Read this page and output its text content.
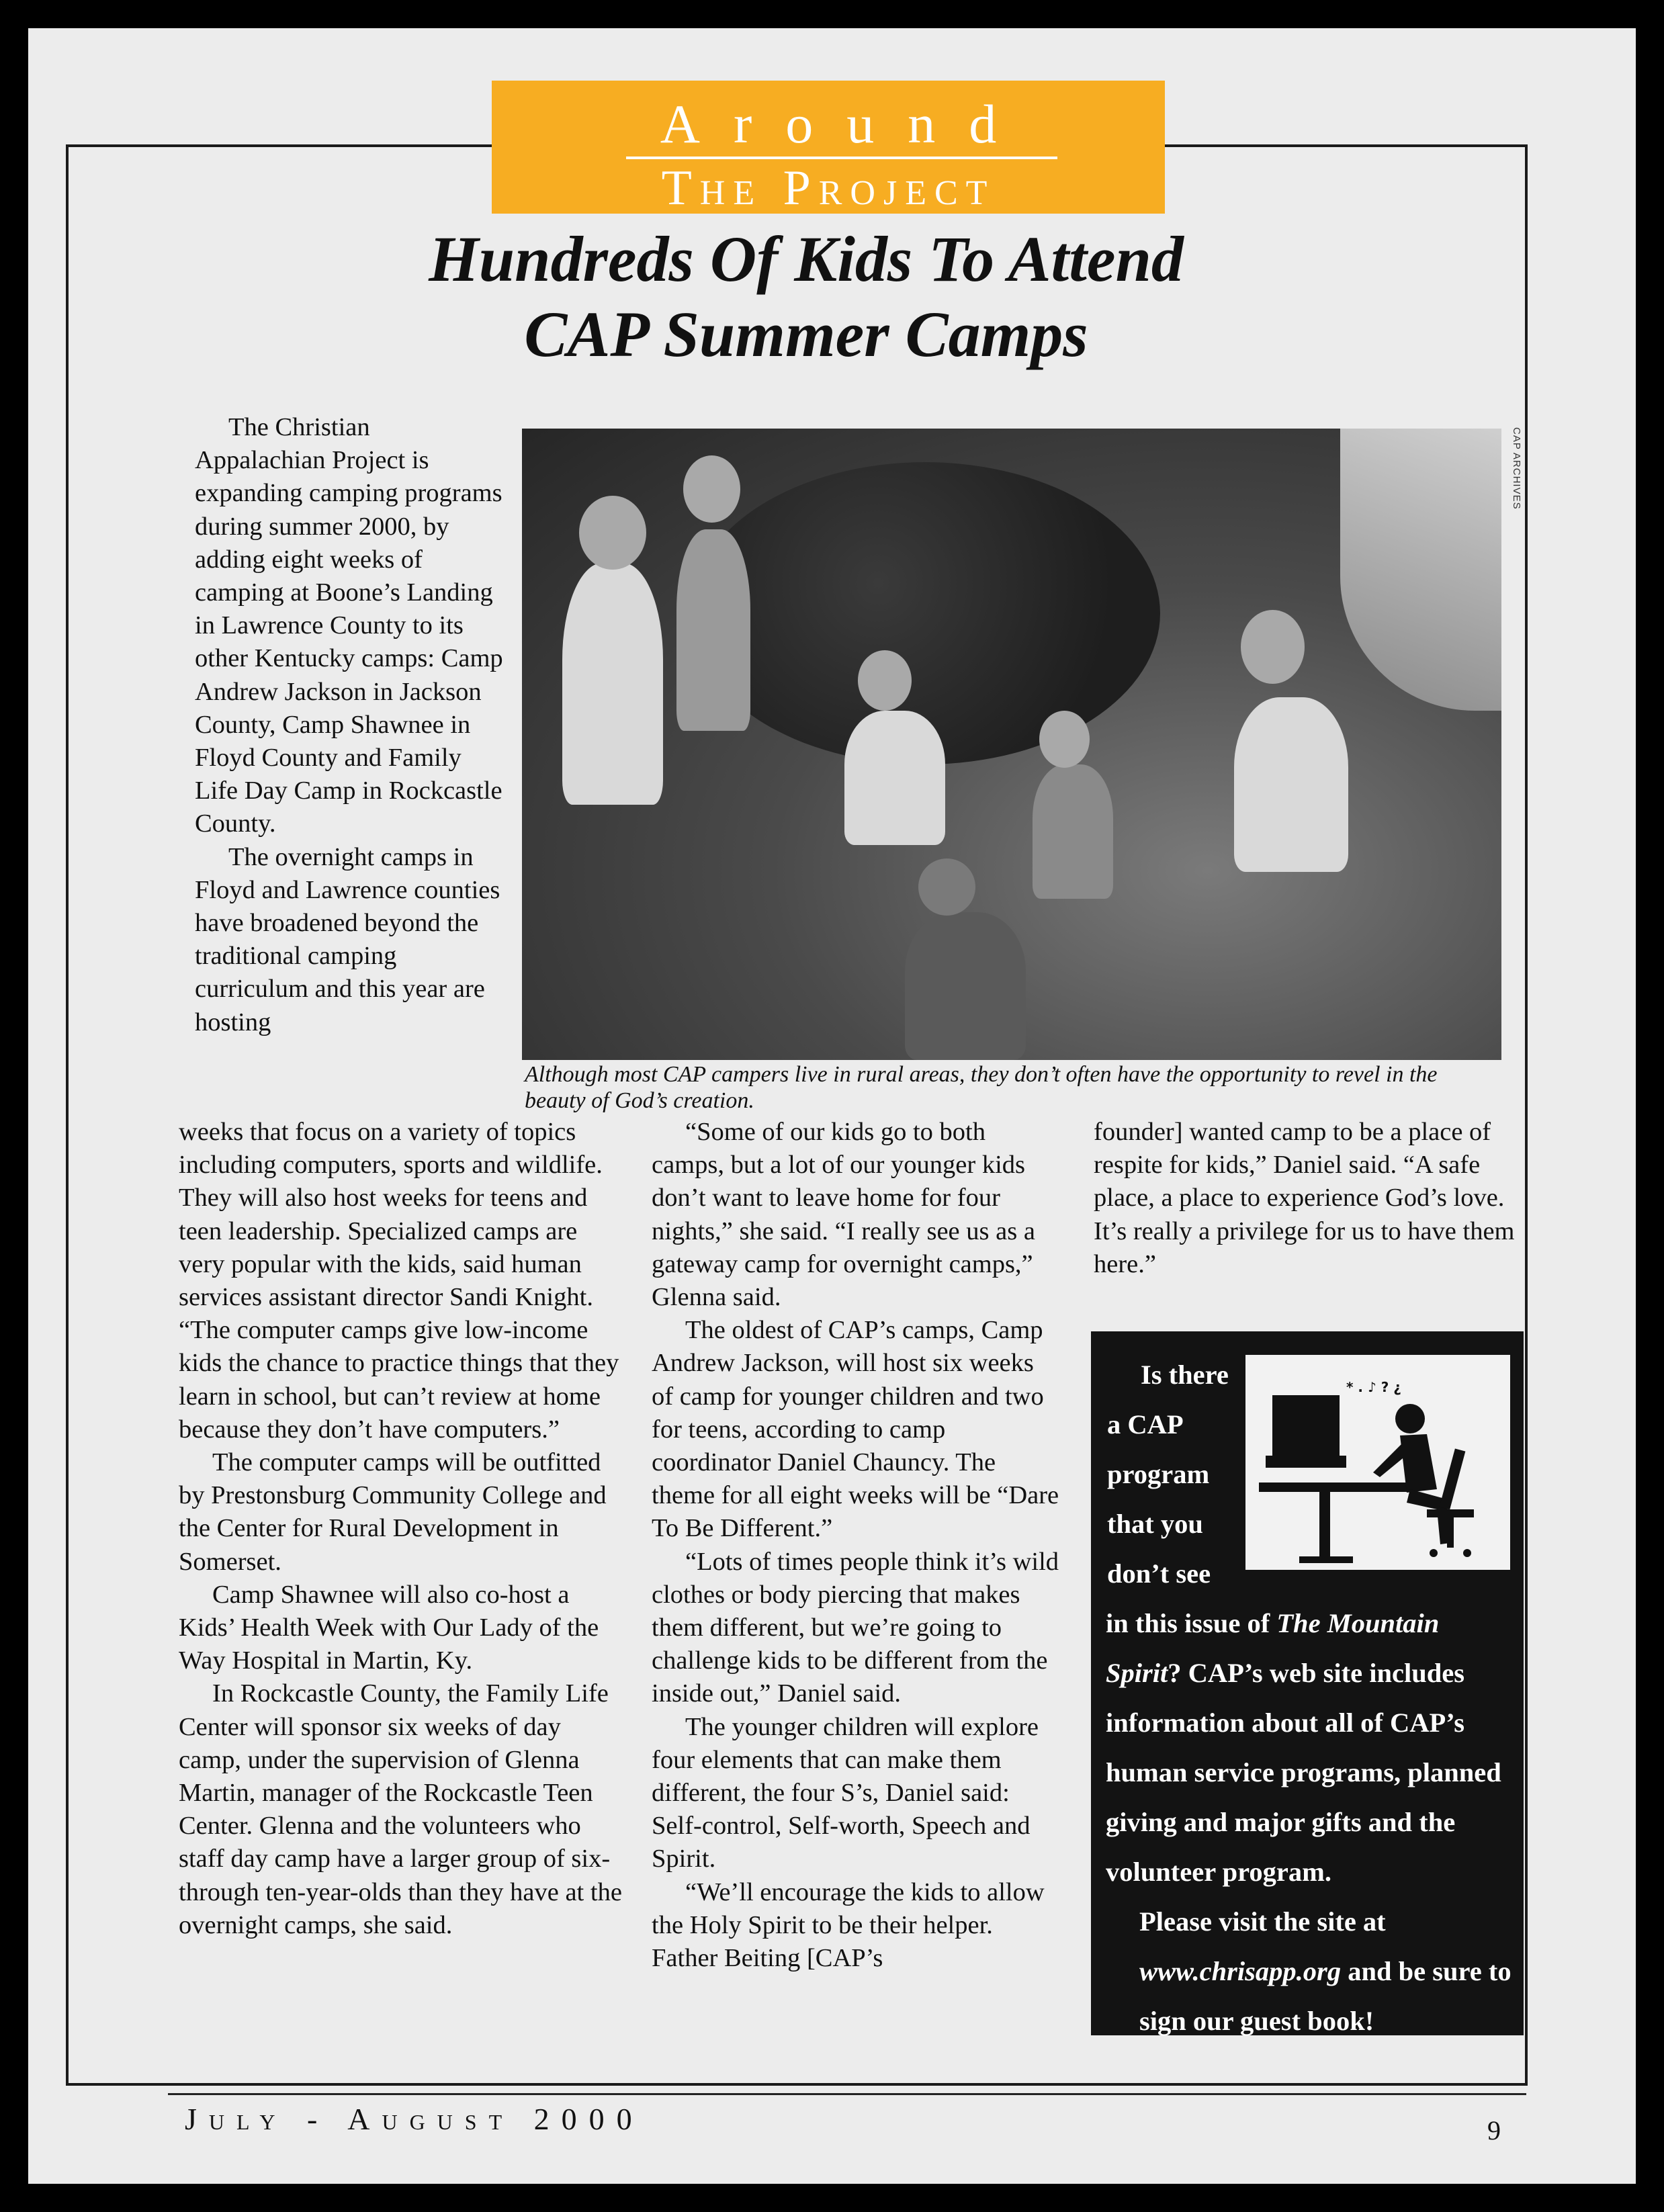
Around
The Project
Hundreds Of Kids To Attend
CAP Summer Camps

The Christian Appalachian Project is expanding camping programs during summer 2000, by adding eight weeks of camping at Boone’s Landing in Lawrence County to its other Kentucky camps: Camp Andrew Jackson in Jackson County, Camp Shawnee in Floyd County and Family Life Day Camp in Rockcastle County.

The overnight camps in Floyd and Lawrence counties have broadened beyond the traditional camping curriculum and this year are hosting

CAP ARCHIVES
Although most CAP campers live in rural areas, they don’t often have the opportunity to revel in the beauty of God’s creation.

weeks that focus on a variety of topics including computers, sports and wildlife. They will also host weeks for teens and teen leadership. Specialized camps are very popular with the kids, said human services assistant director Sandi Knight. “The computer camps give low-income kids the chance to practice things that they learn in school, but can’t review at home because they don’t have computers.”

The computer camps will be outfitted by Prestonsburg Community College and the Center for Rural Development in Somerset.

Camp Shawnee will also co-host a Kids’ Health Week with Our Lady of the Way Hospital in Martin, Ky.

In Rockcastle County, the Family Life Center will sponsor six weeks of day camp, under the supervision of Glenna Martin, manager of the Rockcastle Teen Center. Glenna and the volunteers who staff day camp have a larger group of six- through ten-year-olds than they have at the overnight camps, she said.

“Some of our kids go to both camps, but a lot of our younger kids don’t want to leave home for four nights,” she said. “I really see us as a gateway camp for overnight camps,” Glenna said.

The oldest of CAP’s camps, Camp Andrew Jackson, will host six weeks of camp for younger children and two for teens, according to camp coordinator Daniel Chauncy. The theme for all eight weeks will be “Dare To Be Different.”

“Lots of times people think it’s wild clothes or body piercing that makes them different, but we’re going to challenge kids to be different from the inside out,” Daniel said.

The younger children will explore four elements that can make them different, the four S’s, Daniel said: Self-control, Self-worth, Speech and Spirit.

“We’ll encourage the kids to allow the Holy Spirit to be their helper. Father Beiting [CAP’s

founder] wanted camp to be a place of respite for kids,” Daniel said. “A safe place, a place to experience God’s love. It’s really a privilege for us to have them here.”

* . ♪ ? ¿
Is there
a CAP
program
that you
don’t see
in this issue of The Mountain Spirit? CAP’s web site includes information about all of CAP’s human service programs, planned giving and major gifts and the volunteer program.
Please visit the site at www.chrisapp.org and be sure to sign our guest book!
July - August 2000	9
